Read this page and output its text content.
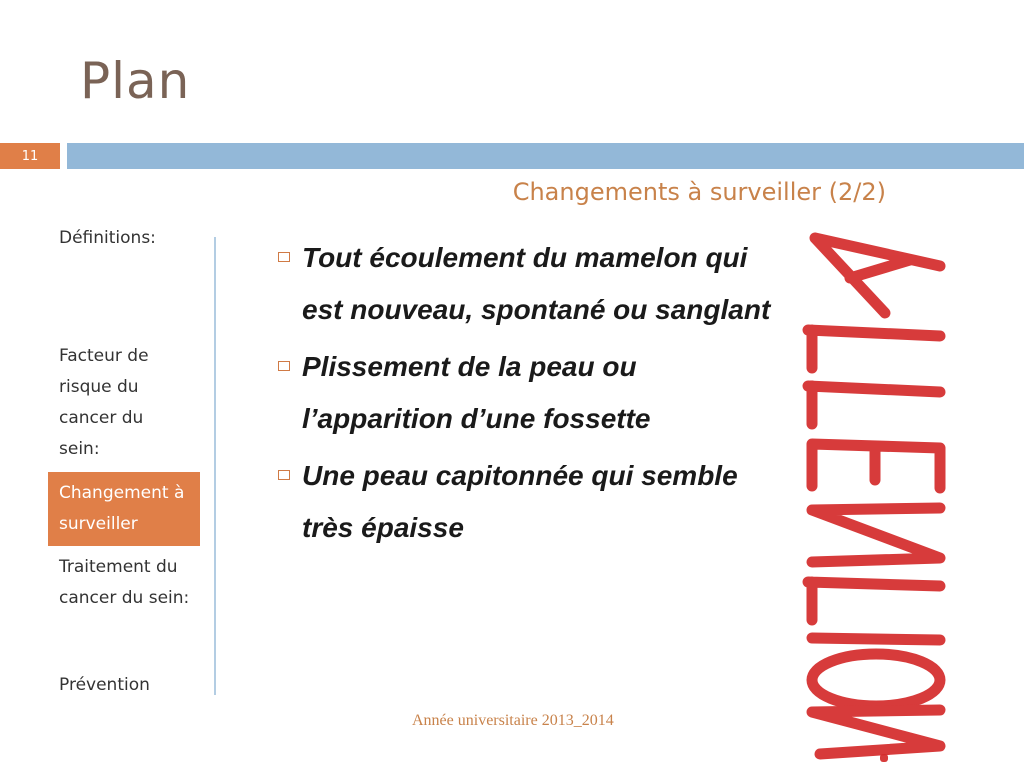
Plan
11
Changements à surveiller (2/2)
Définitions:
Facteur de risque du cancer du sein:
Changement à surveiller
Traitement du cancer du sein:
Prévention
Tout écoulement du mamelon qui est nouveau, spontané ou sanglant
Plissement de la peau ou l’apparition d’une fossette
Une peau capitonnée qui semble très épaisse
Année universitaire 2013_2014
